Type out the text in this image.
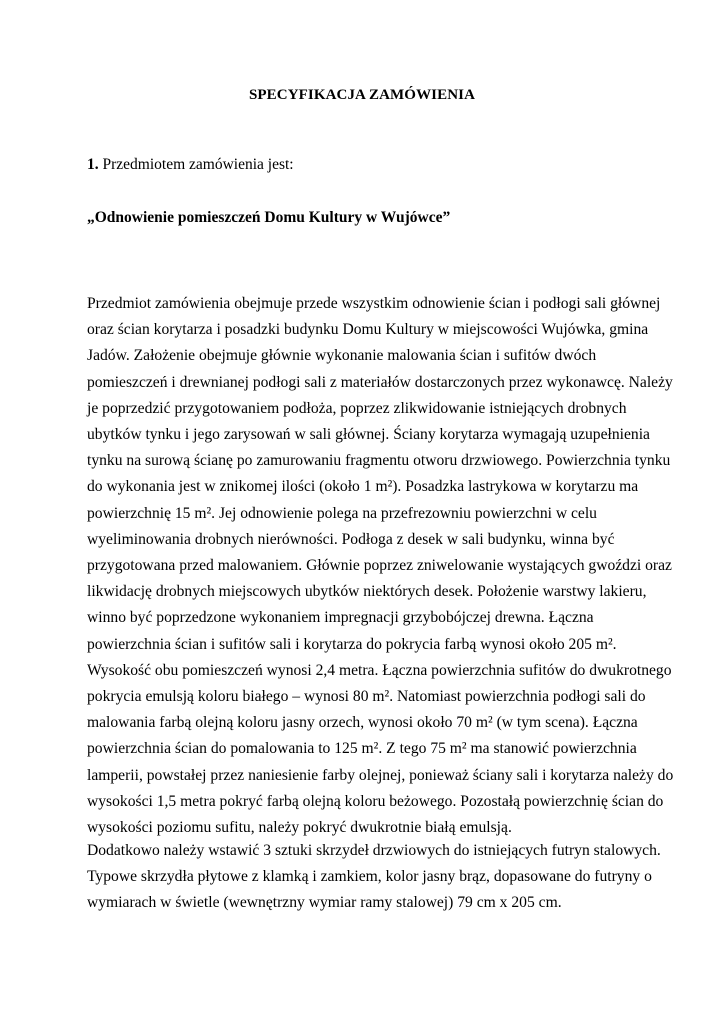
SPECYFIKACJA ZAMÓWIENIA

1. Przedmiotem zamówienia jest:

„Odnowienie pomieszczeń Domu Kultury w Wujówce”

Przedmiot zamówienia obejmuje przede wszystkim odnowienie ścian i podłogi sali głównej
oraz ścian korytarza i posadzki budynku Domu Kultury w miejscowości Wujówka, gmina
Jadów. Założenie obejmuje głównie wykonanie malowania ścian i sufitów dwóch
pomieszczeń i drewnianej podłogi sali z materiałów dostarczonych przez wykonawcę. Należy
je poprzedzić przygotowaniem podłoża, poprzez zlikwidowanie istniejących drobnych
ubytków tynku i jego zarysowań w sali głównej. Ściany korytarza wymagają uzupełnienia
tynku na surową ścianę po zamurowaniu fragmentu otworu drzwiowego. Powierzchnia tynku
do wykonania jest w znikomej ilości (około 1 m²). Posadzka lastrykowa w korytarzu ma
powierzchnię 15 m². Jej odnowienie polega na przefrezowniu powierzchni w celu
wyeliminowania drobnych nierówności. Podłoga z desek w sali budynku, winna być
przygotowana przed malowaniem. Głównie poprzez zniwelowanie wystających gwoździ oraz
likwidację drobnych miejscowych ubytków niektórych desek. Położenie warstwy lakieru,
winno być poprzedzone wykonaniem impregnacji grzybobójczej drewna. Łączna
powierzchnia ścian i sufitów sali i korytarza do pokrycia farbą wynosi około 205 m².
Wysokość obu pomieszczeń wynosi 2,4 metra. Łączna powierzchnia sufitów do dwukrotnego
pokrycia emulsją koloru białego – wynosi 80 m². Natomiast powierzchnia podłogi sali do
malowania farbą olejną koloru jasny orzech, wynosi około 70 m² (w tym scena). Łączna
powierzchnia ścian do pomalowania to 125 m². Z tego 75 m² ma stanowić powierzchnia
lamperii, powstałej przez naniesienie farby olejnej, ponieważ ściany sali i korytarza należy do
wysokości 1,5 metra pokryć farbą olejną koloru beżowego. Pozostałą powierzchnię ścian do
wysokości poziomu sufitu, należy pokryć dwukrotnie białą emulsją.

Dodatkowo należy wstawić 3 sztuki skrzydeł drzwiowych do istniejących futryn stalowych.
Typowe skrzydła płytowe z klamką i zamkiem, kolor jasny brąz, dopasowane do futryny o
wymiarach w świetle (wewnętrzny wymiar ramy stalowej) 79 cm x 205 cm.
